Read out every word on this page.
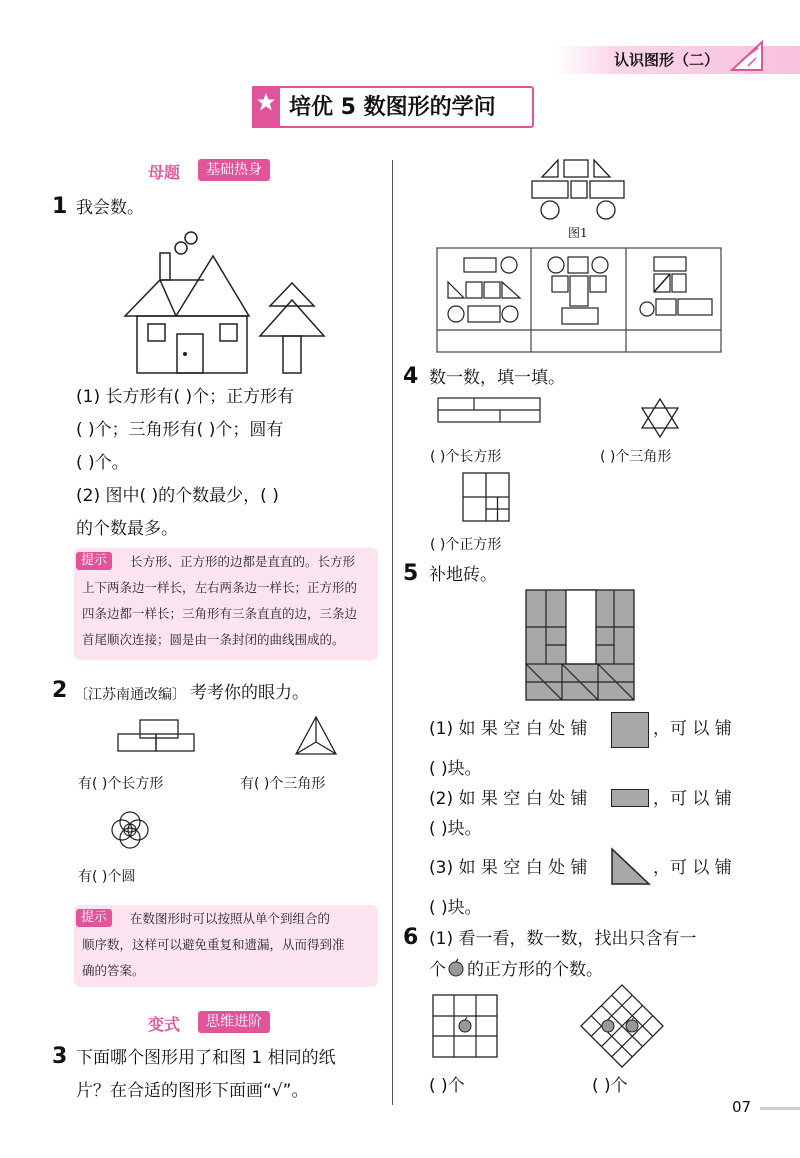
认识图形（二）
培优 5 数图形的学问
母题	基础热身
1 我会数。
(1) 长方形有( )个；正方形有
( )个；三角形有( )个；圆有
( )个。
(2) 图中( )的个数最少，( )
的个数最多。
提示	长方形、正方形的边都是直直的。长方形
上下两条边一样长，左右两条边一样长；正方形的
四条边都一样长；三角形有三条直直的边，三条边
首尾顺次连接；圆是由一条封闭的曲线围成的。
2 〔江苏南通改编〕 考考你的眼力。
有( )个长方形	有( )个三角形
有( )个圆
提示	在数图形时可以按照从单个到组合的
顺序数，这样可以避免重复和遗漏，从而得到准
确的答案。
变式	思维进阶
3 下面哪个图形用了和图 1 相同的纸
片？在合适的图形下面画“√”。
图1
4 数一数，填一填。
( )个长方形	( )个三角形
( )个正方形
5 补地砖。
(1) 如 果 空 白 处 铺	，可 以 铺
( )块。
(2) 如 果 空 白 处 铺	，可 以 铺
( )块。
(3) 如 果 空 白 处 铺	，可 以 铺
( )块。
6 (1) 看一看，数一数，找出只含有一
个 的正方形的个数。
( )个	( )个
07
